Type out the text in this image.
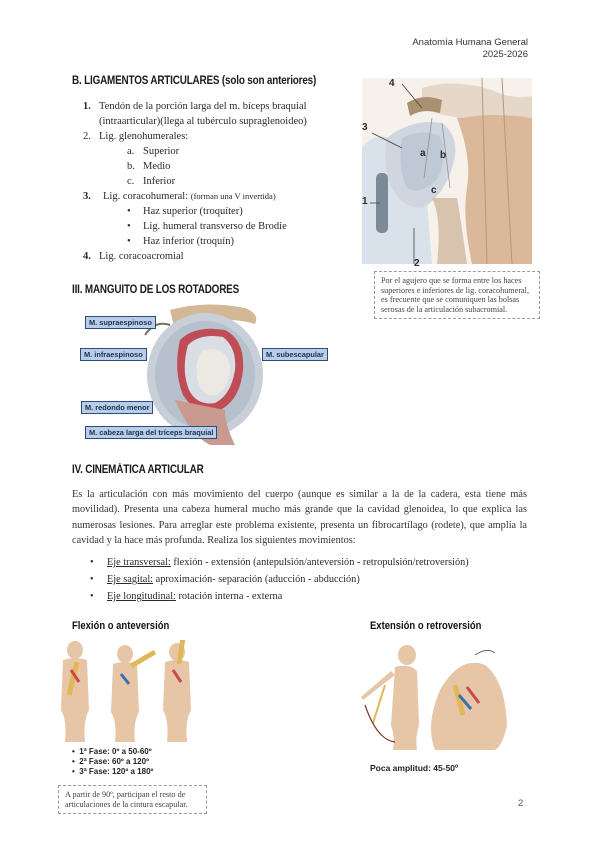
Anatomía Humana General
2025-2026
B. LIGAMENTOS ARTICULARES (solo son anteriores)
1. Tendón de la porción larga del m. bíceps braquial
(intraarticular)(llega al tubérculo supraglenoideo)
2. Lig. glenohumerales:
a. Superior
b. Medio
c. Inferior
3. Lig. coracohumeral: (forman una V invertida)
• Haz superior (troquíter)
• Lig. humeral transverso de Brodie
• Haz inferior (troquín)
4. Lig. coracoacromial
4
3
a b
c
1
2
Por el agujero que se forma entre los haces superiores e inferiores de lig. coracohumeral, es frecuente que se comuniquen las bolsas serosas de la articulación subacromial.
III. MANGUITO DE LOS ROTADORES
M. supraespinoso
M. infraespinoso	M. subescapular
M. redondo menor
M. cabeza larga del tríceps braquial
IV. CINEMÁTICA ARTICULAR
Es la articulación con más movimiento del cuerpo (aunque es similar a la de la cadera, esta tiene más movilidad). Presenta una cabeza humeral mucho más grande que la cavidad glenoidea, lo que explica las numerosas lesiones. Para arreglar este problema existente, presenta un fibrocartílago (rodete), que amplía la cavidad y la hace más profunda. Realiza los siguientes movimientos:
• Eje transversal: flexión - extensión (antepulsión/anteversión - retropulsión/retroversión)
• Eje sagital: aproximación- separación (aducción - abducción)
• Eje longitudinal: rotación interna - externa
Flexión o anteversión
•  1ª Fase: 0º a 50-60º
•  2ª Fase: 60º a 120º
•  3ª Fase: 120º a 180º
A partir de 90º, participan el resto de articulaciones de la cintura escapular.
Extensión o retroversión
Poca amplitud: 45-50º
2
